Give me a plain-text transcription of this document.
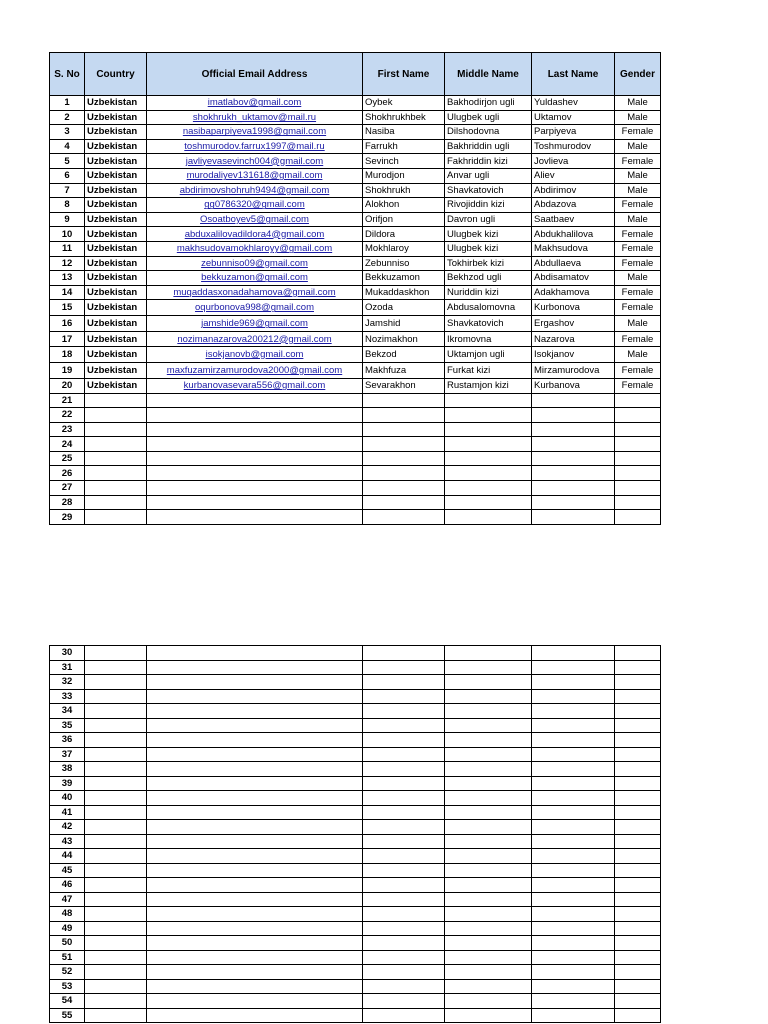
S. No	Country	Official Email Address	First Name	Middle Name	Last Name	Gender
1	Uzbekistan	imatlabov@gmail.com	Oybek	Bakhodirjon ugli	Yuldashev	Male
2	Uzbekistan	shokhrukh_uktamov@mail.ru	Shokhrukhbek	Ulugbek ugli	Uktamov	Male
3	Uzbekistan	nasibaparpiyeva1998@gmail.com	Nasiba	Dilshodovna	Parpiyeva	Female
4	Uzbekistan	toshmurodov.farrux1997@mail.ru	Farrukh	Bakhriddin ugli	Toshmurodov	Male
5	Uzbekistan	javliyevasevinch004@gmail.com	Sevinch	Fakhriddin kizi	Jovlieva	Female
6	Uzbekistan	murodaliyev131618@gmail.com	Murodjon	Anvar ugli	Aliev	Male
7	Uzbekistan	abdirimovshohruh9494@gmail.com	Shokhrukh	Shavkatovich	Abdirimov	Male
8	Uzbekistan	gg0786320@gmail.com	Alokhon	Rivojiddin kizi	Abdazova	Female
9	Uzbekistan	Osoatboyev5@gmail.com	Orifjon	Davron ugli	Saatbaev	Male
10	Uzbekistan	abduxalilovadildora4@gmail.com	Dildora	Ulugbek kizi	Abdukhalilova	Female
11	Uzbekistan	makhsudovamokhlaroyy@gmail.com	Mokhlaroy	Ulugbek kizi	Makhsudova	Female
12	Uzbekistan	zebunniso09@gmail.com	Zebunniso	Tokhirbek kizi	Abdullaeva	Female
13	Uzbekistan	bekkuzamon@gmail.com	Bekkuzamon	Bekhzod ugli	Abdisamatov	Male
14	Uzbekistan	muqaddasxonadahamova@gmail.com	Mukaddaskhon	Nuriddin kizi	Adakhamova	Female
15	Uzbekistan	oqurbonova998@gmail.com	Ozoda	Abdusalomovna	Kurbonova	Female
16	Uzbekistan	jamshide969@gmail.com	Jamshid	Shavkatovich	Ergashov	Male
17	Uzbekistan	nozimanazarova200212@gmail.com	Nozimakhon	Ikromovna	Nazarova	Female
18	Uzbekistan	isokjanovb@gmail.com	Bekzod	Uktamjon ugli	Isokjanov	Male
19	Uzbekistan	maxfuzamirzamurodova2000@gmail.com	Makhfuza	Furkat kizi	Mirzamurodova	Female
20	Uzbekistan	kurbanovasevara556@gmail.com	Sevarakhon	Rustamjon kizi	Kurbanova	Female
21						
22						
23						
24						
25						
26						
27						
28						
29						
30						
31						
32						
33						
34						
35						
36						
37						
38						
39						
40						
41						
42						
43						
44						
45						
46						
47						
48						
49						
50						
51						
52						
53						
54						
55						
